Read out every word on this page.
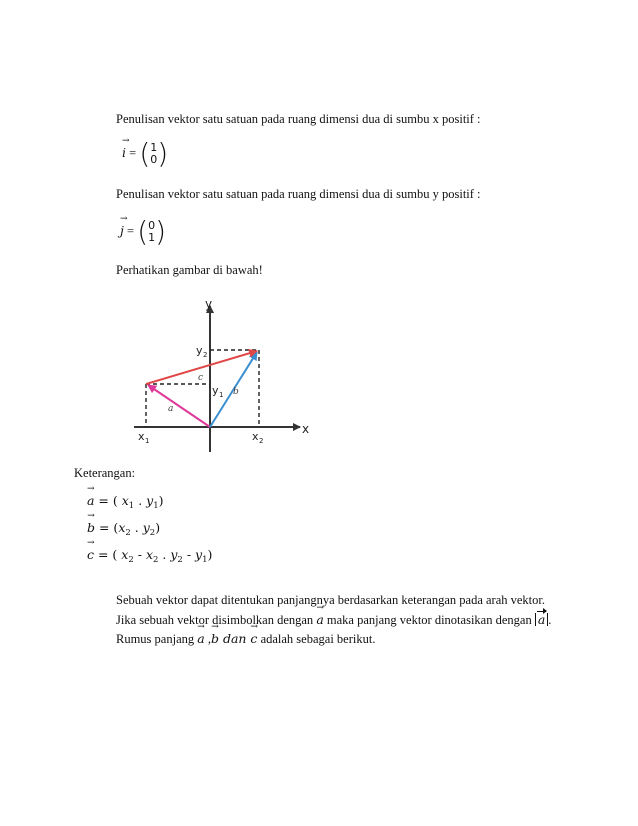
Penulisan vektor satu satuan pada ruang dimensi dua di sumbu x positif :
→ i = ( 1
0 )
Penulisan vektor satu satuan pada ruang dimensi dua di sumbu y positif :
→ j = ( 0
1 )
Perhatikan gambar di bawah!
x
y
x 1	x 2
y 2
y 1
c
b
a
Keterangan:
→ a = ( $x_1$ . $y_1$)
→ $b = (x_2$ . $y_2$)
→ c = ( $x_2 - x_2$ . $y_2 - y_1$)
Sebuah vektor dapat ditentukan panjangnya berdasarkan keterangan pada arah vektor.
Jika sebuah vektor disimbolkan dengan → a maka panjang vektor dinotasikan dengan a .
Rumus panjang → a ,→ b dan → c adalah sebagai berikut.
